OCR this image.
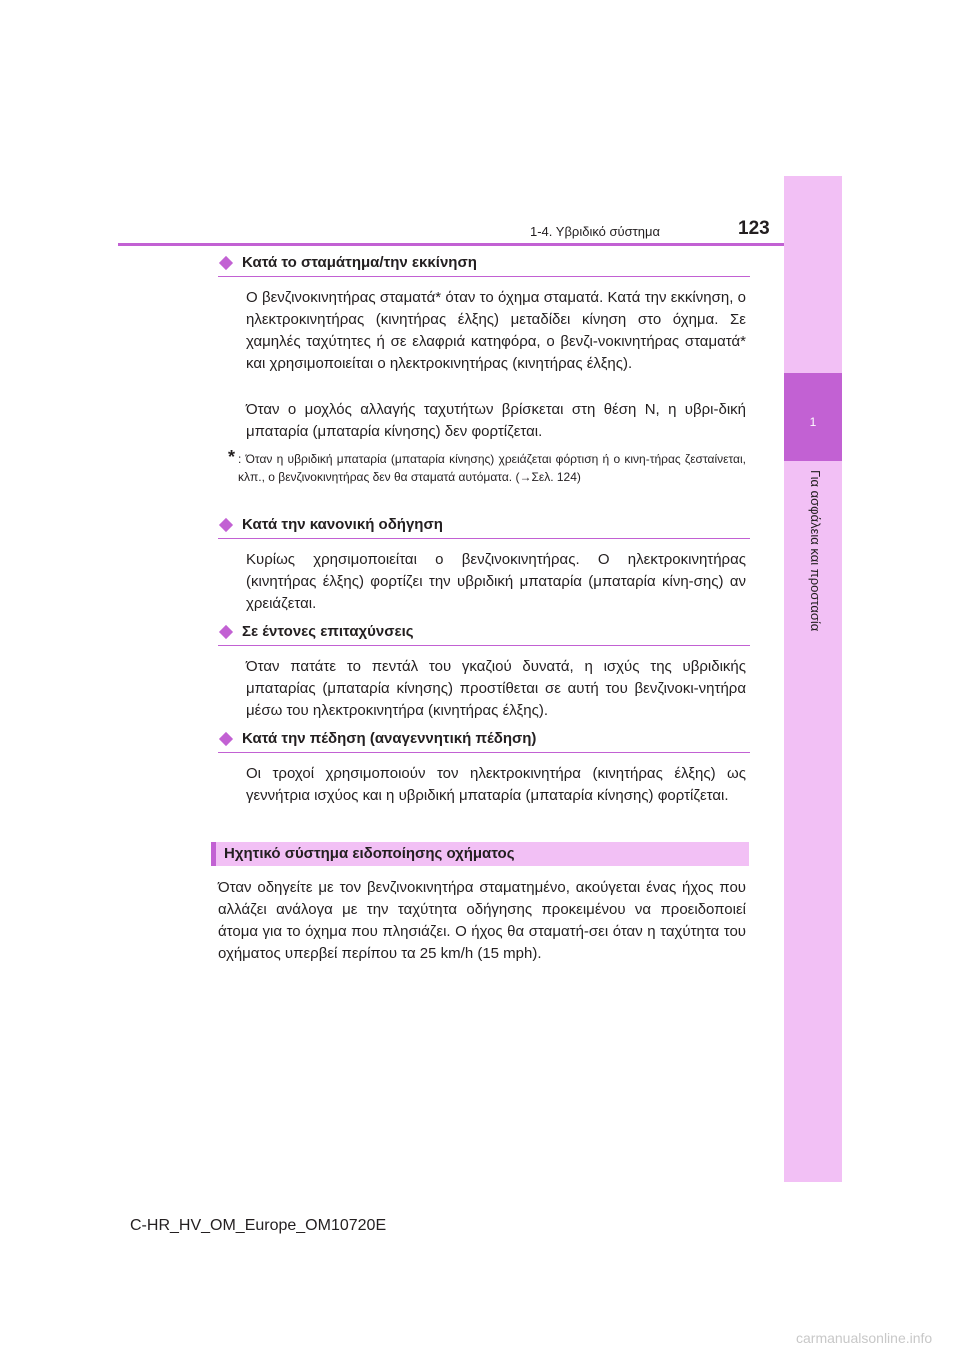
1
Για ασφάλεια και προστασία
1-4. Υβριδικό σύστημα	123
Κατά το σταμάτημα/την εκκίνηση

Ο βενζινοκινητήρας σταματά* όταν το όχημα σταματά. Κατά την εκκίνηση, ο ηλεκτροκινητήρας (κινητήρας έλξης) μεταδίδει κίνηση στο όχημα. Σε χαμηλές ταχύτητες ή σε ελαφριά κατηφόρα, ο βενζι-νοκινητήρας σταματά* και χρησιμοποιείται ο ηλεκτροκινητήρας (κινητήρας έλξης).

Όταν ο μοχλός αλλαγής ταχυτήτων βρίσκεται στη θέση N, η υβρι-δική μπαταρία (μπαταρία κίνησης) δεν φορτίζεται.

* : Όταν η υβριδική μπαταρία (μπαταρία κίνησης) χρειάζεται φόρτιση ή ο κινη-τήρας ζεσταίνεται, κλπ., ο βενζινοκινητήρας δεν θα σταματά αυτόματα. (→Σελ. 124)
Κατά την κανονική οδήγηση

Κυρίως χρησιμοποιείται ο βενζινοκινητήρας. Ο ηλεκτροκινητήρας (κινητήρας έλξης) φορτίζει την υβριδική μπαταρία (μπαταρία κίνη-σης) αν χρειάζεται.

Σε έντονες επιταχύνσεις

Όταν πατάτε το πεντάλ του γκαζιού δυνατά, η ισχύς της υβριδικής μπαταρίας (μπαταρία κίνησης) προστίθεται σε αυτή του βενζινοκι-νητήρα μέσω του ηλεκτροκινητήρα (κινητήρας έλξης).

Κατά την πέδηση (αναγεννητική πέδηση)

Οι τροχοί χρησιμοποιούν τον ηλεκτροκινητήρα (κινητήρας έλξης) ως γεννήτρια ισχύος και η υβριδική μπαταρία (μπαταρία κίνησης) φορτίζεται.

Ηχητικό σύστημα ειδοποίησης οχήματος

Όταν οδηγείτε με τον βενζινοκινητήρα σταματημένο, ακούγεται ένας ήχος που αλλάζει ανάλογα με την ταχύτητα οδήγησης προκειμένου να προειδοποιεί άτομα για το όχημα που πλησιάζει. Ο ήχος θα σταματή-σει όταν η ταχύτητα του οχήματος υπερβεί περίπου τα 25 km/h (15 mph).

C-HR_HV_OM_Europe_OM10720E
carmanualsonline.info
